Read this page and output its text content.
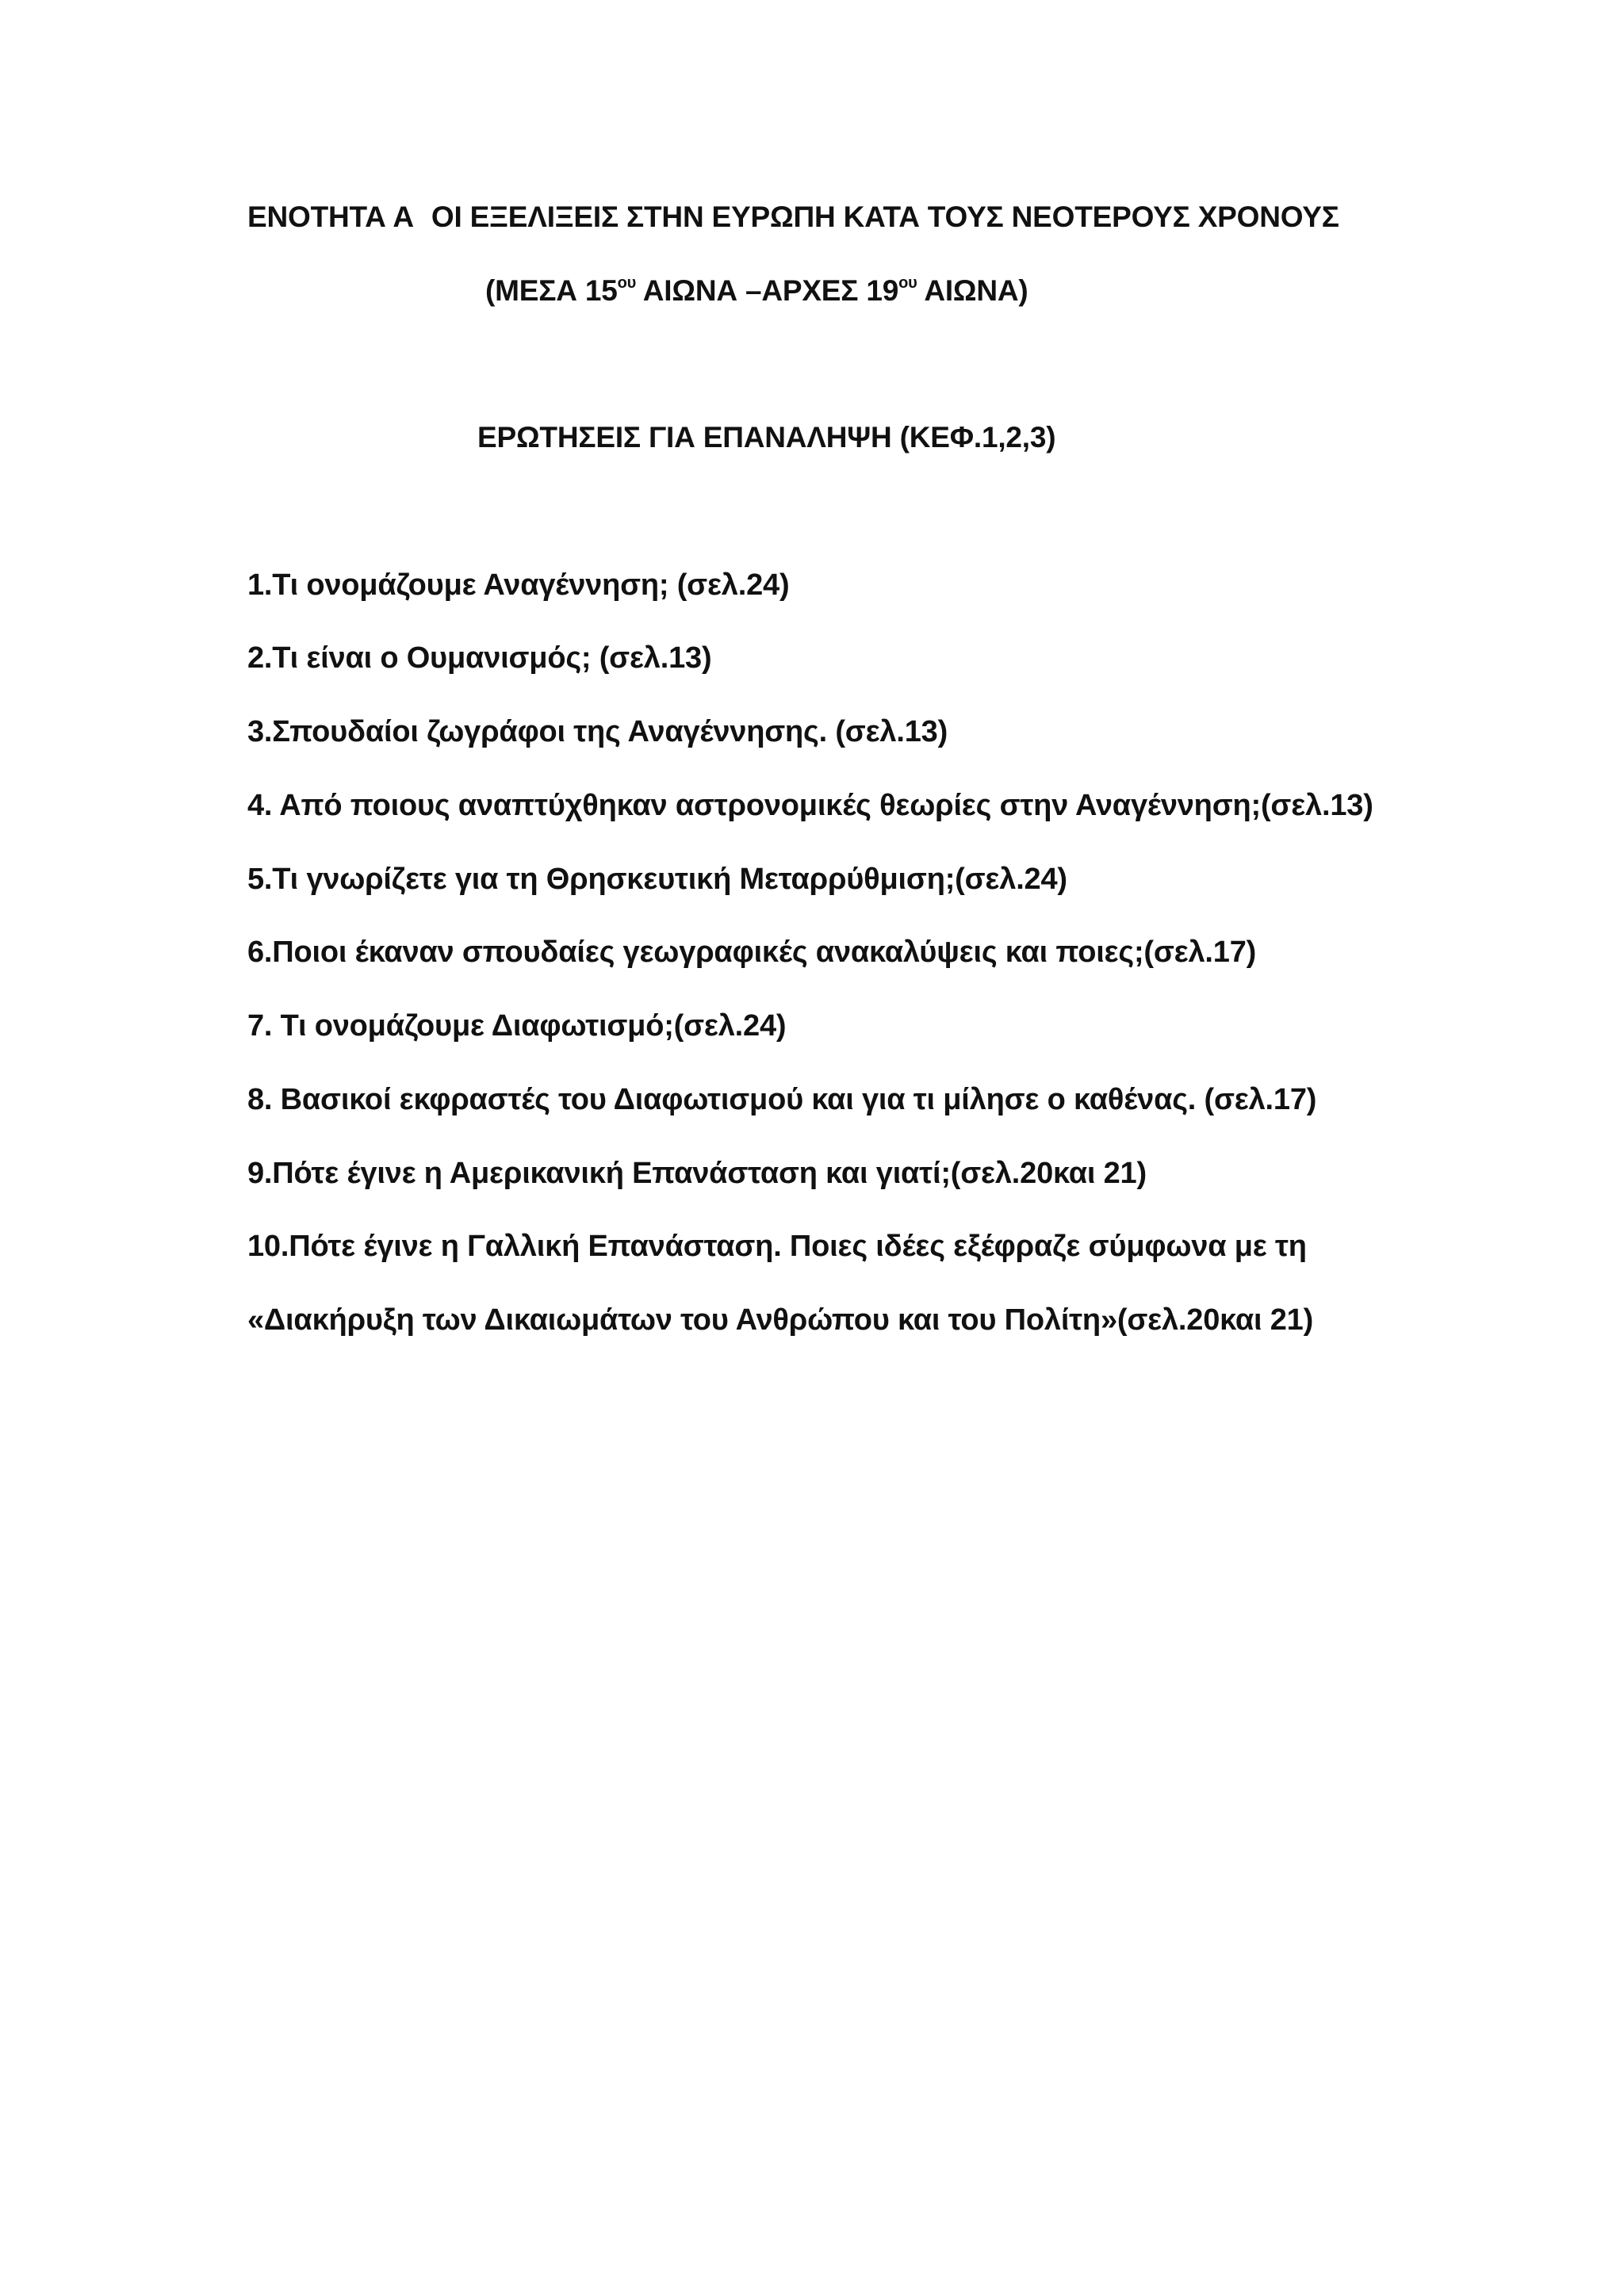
ΕΝΟΤΗΤΑ Α ΟΙ ΕΞΕΛΙΞΕΙΣ ΣΤΗΝ ΕΥΡΩΠΗ ΚΑΤΑ ΤΟΥΣ ΝΕΟΤΕΡΟΥΣ ΧΡΟΝΟΥΣ
(ΜΕΣΑ $15^{o\upsilon}$ ΑΙΩΝΑ –ΑΡΧΕΣ $19^{o\upsilon}$ ΑΙΩΝΑ)
ΕΡΩΤΗΣΕΙΣ ΓΙΑ ΕΠΑΝΑΛΗΨΗ (ΚΕΦ.1,2,3)
1.Τι ονομάζουμε Αναγέννηση; (σελ.24)
2.Τι είναι ο Ουμανισμός; (σελ.13)
3.Σπουδαίοι ζωγράφοι της Αναγέννησης. (σελ.13)
4. Από ποιους αναπτύχθηκαν αστρονομικές θεωρίες στην Αναγέννηση;(σελ.13)
5.Τι γνωρίζετε για τη Θρησκευτική Μεταρρύθμιση;(σελ.24)
6.Ποιοι έκαναν σπουδαίες γεωγραφικές ανακαλύψεις και ποιες;(σελ.17)
7. Τι ονομάζουμε Διαφωτισμό;(σελ.24)
8. Βασικοί εκφραστές του Διαφωτισμού και για τι μίλησε ο καθένας. (σελ.17)
9.Πότε έγινε η Αμερικανική Επανάσταση και γιατί;(σελ.20και 21)
10.Πότε έγινε η Γαλλική Επανάσταση. Ποιες ιδέες εξέφραζε σύμφωνα με τη
«Διακήρυξη των Δικαιωμάτων του Ανθρώπου και του Πολίτη»(σελ.20και 21)
